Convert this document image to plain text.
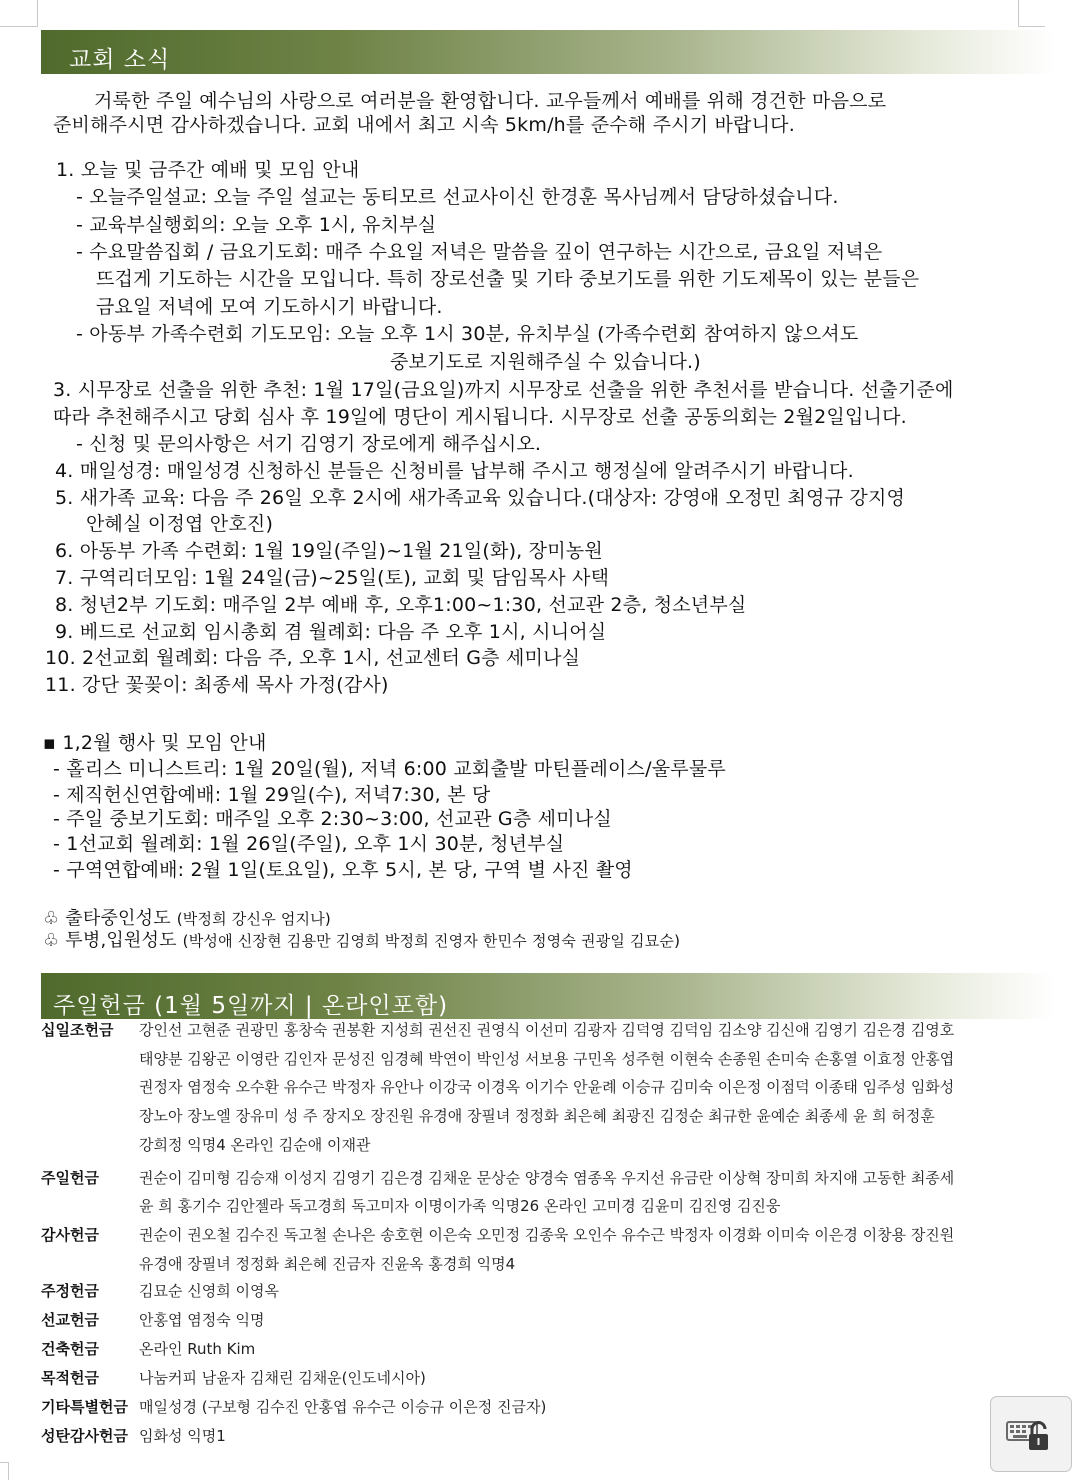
교회 소식
거룩한 주일 예수님의 사랑으로 여러분을 환영합니다. 교우들께서 예배를 위해 경건한 마음으로
준비해주시면 감사하겠습니다. 교회 내에서 최고 시속 5km/h를 준수해 주시기 바랍니다.
1. 오늘 및 금주간 예배 및 모임 안내
- 오늘주일설교: 오늘 주일 설교는 동티모르 선교사이신 한경훈 목사님께서 담당하셨습니다.
- 교육부실행회의: 오늘 오후 1시, 유치부실
- 수요말씀집회 / 금요기도회: 매주 수요일 저녁은 말씀을 깊이 연구하는 시간으로, 금요일 저녁은
뜨겁게 기도하는 시간을 모입니다. 특히 장로선출 및 기타 중보기도를 위한 기도제목이 있는 분들은
금요일 저녁에 모여 기도하시기 바랍니다.
- 아동부 가족수련회 기도모임: 오늘 오후 1시 30분, 유치부실 (가족수련회 참여하지 않으셔도
중보기도로 지원해주실 수 있습니다.)
3. 시무장로 선출을 위한 추천: 1월 17일(금요일)까지 시무장로 선출을 위한 추천서를 받습니다. 선출기준에
따라 추천해주시고 당회 심사 후 19일에 명단이 게시됩니다. 시무장로 선출 공동의회는 2월2일입니다.
- 신청 및 문의사항은 서기 김영기 장로에게 해주십시오.
4. 매일성경: 매일성경 신청하신 분들은 신청비를 납부해 주시고 행정실에 알려주시기 바랍니다.
5. 새가족 교육: 다음 주 26일 오후 2시에 새가족교육 있습니다.(대상자: 강영애 오정민 최영규 강지영
안혜실 이정엽 안호진)
6. 아동부 가족 수련회: 1월 19일(주일)~1월 21일(화), 장미농원
7. 구역리더모임: 1월 24일(금)~25일(토), 교회 및 담임목사 사택
8. 청년2부 기도회: 매주일 2부 예배 후, 오후1:00~1:30, 선교관 2층, 청소년부실
9. 베드로 선교회 임시총회 겸 월례회: 다음 주 오후 1시, 시니어실
10. 2선교회 월례회: 다음 주, 오후 1시, 선교센터 G층 세미나실
11. 강단 꽃꽂이: 최종세 목사 가정(감사)
▪ 1,2월 행사 및 모임 안내
- 홀리스 미니스트리: 1월 20일(월), 저녁 6:00 교회출발 마틴플레이스/울루물루
- 제직헌신연합예배: 1월 29일(수), 저녁7:30, 본 당
- 주일 중보기도회: 매주일 오후 2:30~3:00, 선교관 G층 세미나실
- 1선교회 월례회: 1월 26일(주일), 오후 1시 30분, 청년부실
- 구역연합예배: 2월 1일(토요일), 오후 5시, 본 당, 구역 별 사진 촬영
♧ 출타중인성도 (박정희 강신우 엄지나)
♧ 투병,입원성도 (박성애 신장현 김용만 김영희 박정희 진영자 한민수 정영숙 권광일 김묘순)
주일헌금 (1월 5일까지 | 온라인포함)
십일조헌금 강인선 고현준 권광민 홍창숙 권봉환 지성희 권선진 권영식 이선미 김광자 김덕영 김덕임 김소양 김신애 김영기 김은경 김영호
태양분 김왕곤 이영란 김인자 문성진 임경혜 박연이 박인성 서보용 구민옥 성주현 이현숙 손종원 손미숙 손홍열 이효정 안홍엽
권정자 염정숙 오수환 유수근 박정자 유안나 이강국 이경옥 이기수 안윤례 이승규 김미숙 이은정 이점덕 이종태 임주성 임화성
장노아 장노엘 장유미 성 주 장지오 장진원 유경애 장필녀 정정화 최은혜 최광진 김정순 최규한 윤예순 최종세 윤 희 허정훈
강희정 익명4 온라인 김순애 이재관
주일헌금	권순이 김미형 김승재 이성지 김영기 김은경 김채운 문상순 양경숙 염종옥 우지선 유금란 이상혁 장미희 차지애 고동한 최종세
윤 희 홍기수 김안젤라 독고경희 독고미자 이명이가족 익명26 온라인 고미경 김윤미 김진영 김진웅
감사헌금	권순이 권오철 김수진 독고철 손나은 송호현 이은숙 오민정 김종욱 오인수 유수근 박정자 이경화 이미숙 이은경 이창용 장진원
유경애 장필녀 정정화 최은혜 진금자 진윤옥 홍경희 익명4
주정헌금	김묘순 신영희 이영옥
선교헌금	안홍엽 염정숙 익명
건축헌금	온라인 Ruth Kim
목적헌금	나눔커피 남윤자 김채린 김채운(인도네시아)
기타특별헌금 매일성경 (구보형 김수진 안홍엽 유수근 이승규 이은정 진금자)
성탄감사헌금 임화성 익명1
